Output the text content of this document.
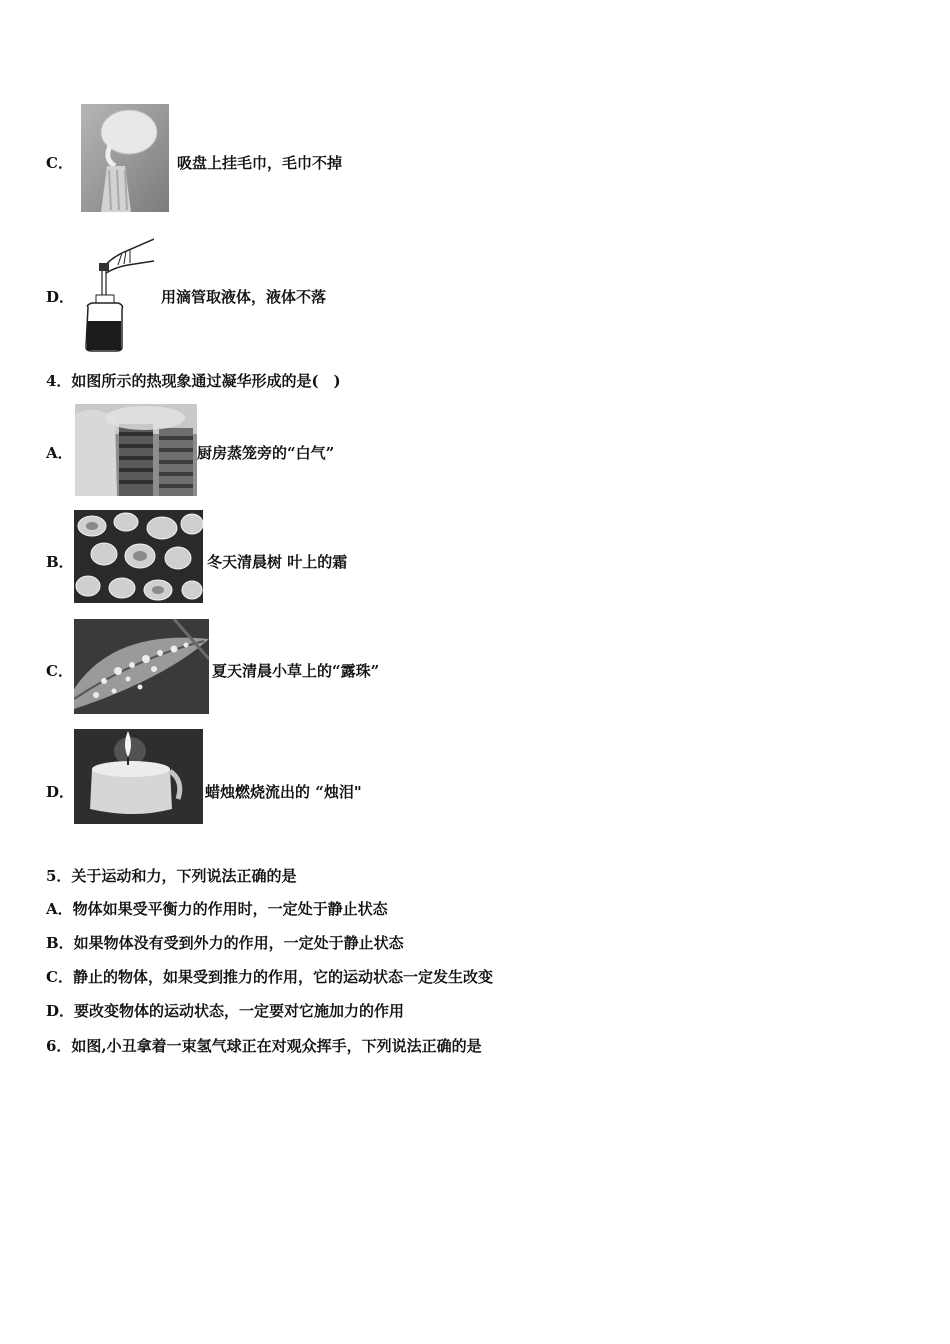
C．	吸盘上挂毛巾，毛巾不掉
D．	用滴管取液体，液体不落
4．如图所示的热现象通过凝华形成的是(　)
A．	厨房蒸笼旁的“白气”
B．	冬天清晨树 叶上的霜
C．	夏天清晨小草上的“露珠”
D．	蜡烛燃烧流出的 “烛泪"
5．关于运动和力，下列说法正确的是
A．物体如果受平衡力的作用时，一定处于静止状态
B．如果物体没有受到外力的作用，一定处于静止状态
C．静止的物体，如果受到推力的作用，它的运动状态一定发生改变
D．要改变物体的运动状态，一定要对它施加力的作用
6．如图,小丑拿着一束氢气球正在对观众挥手，下列说法正确的是
